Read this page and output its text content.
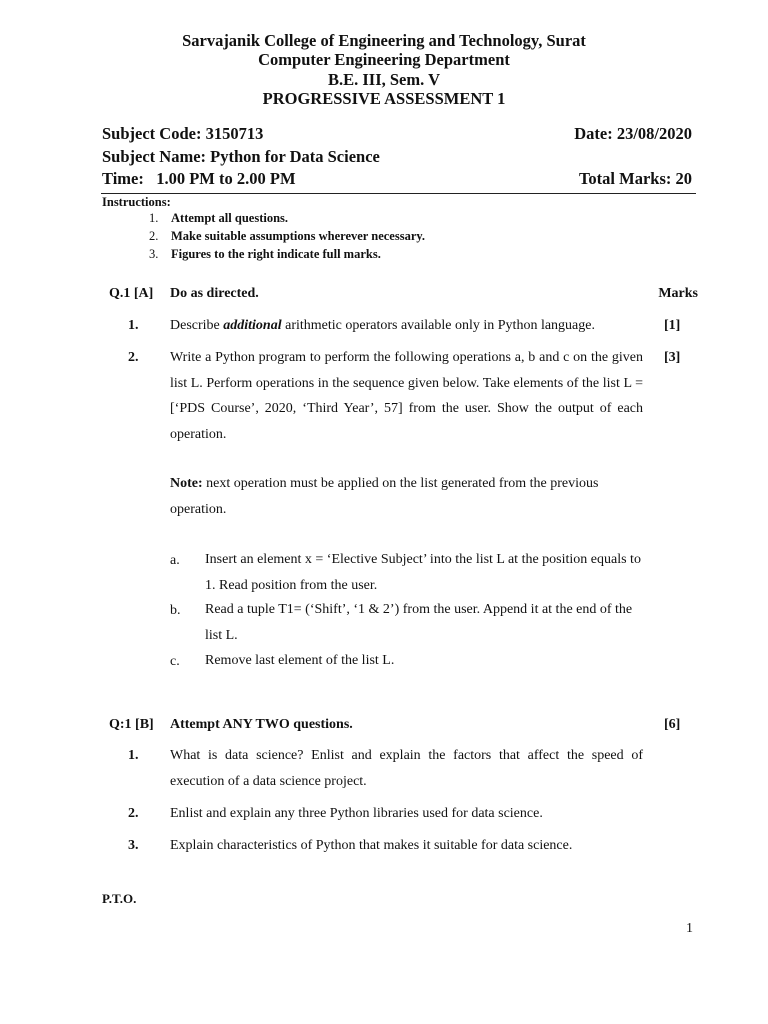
Sarvajanik College of Engineering and Technology, Surat
Computer Engineering Department
B.E. III, Sem. V
PROGRESSIVE ASSESSMENT 1
Subject Code: 3150713	Date: 23/08/2020
Subject Name: Python for Data Science
Time:   1.00 PM to 2.00 PM	Total Marks: 20
Instructions:
1. Attempt all questions.
2. Make suitable assumptions wherever necessary.
3. Figures to the right indicate full marks.
Q.1 [A] Do as directed.	Marks
1. Describe additional arithmetic operators available only in Python language.	[1]
2. Write a Python program to perform the following operations a, b and c on the given list L. Perform operations in the sequence given below. Take elements of the list L = [‘PDS Course’, 2020, ‘Third Year’, 57] from the user. Show the output of each operation.
[3]
Note: next operation must be applied on the list generated from the previous operation.
a. Insert an element x = ‘Elective Subject’ into the list L at the position equals to 1. Read position from the user.
b. Read a tuple T1= (‘Shift’, ‘1 & 2’) from the user. Append it at the end of the list L.
c. Remove last element of the list L.
Q:1 [B] Attempt ANY TWO questions.	[6]
1. What is data science? Enlist and explain the factors that affect the speed of execution of a data science project.
2. Enlist and explain any three Python libraries used for data science.
3. Explain characteristics of Python that makes it suitable for data science.
P.T.O.
1
